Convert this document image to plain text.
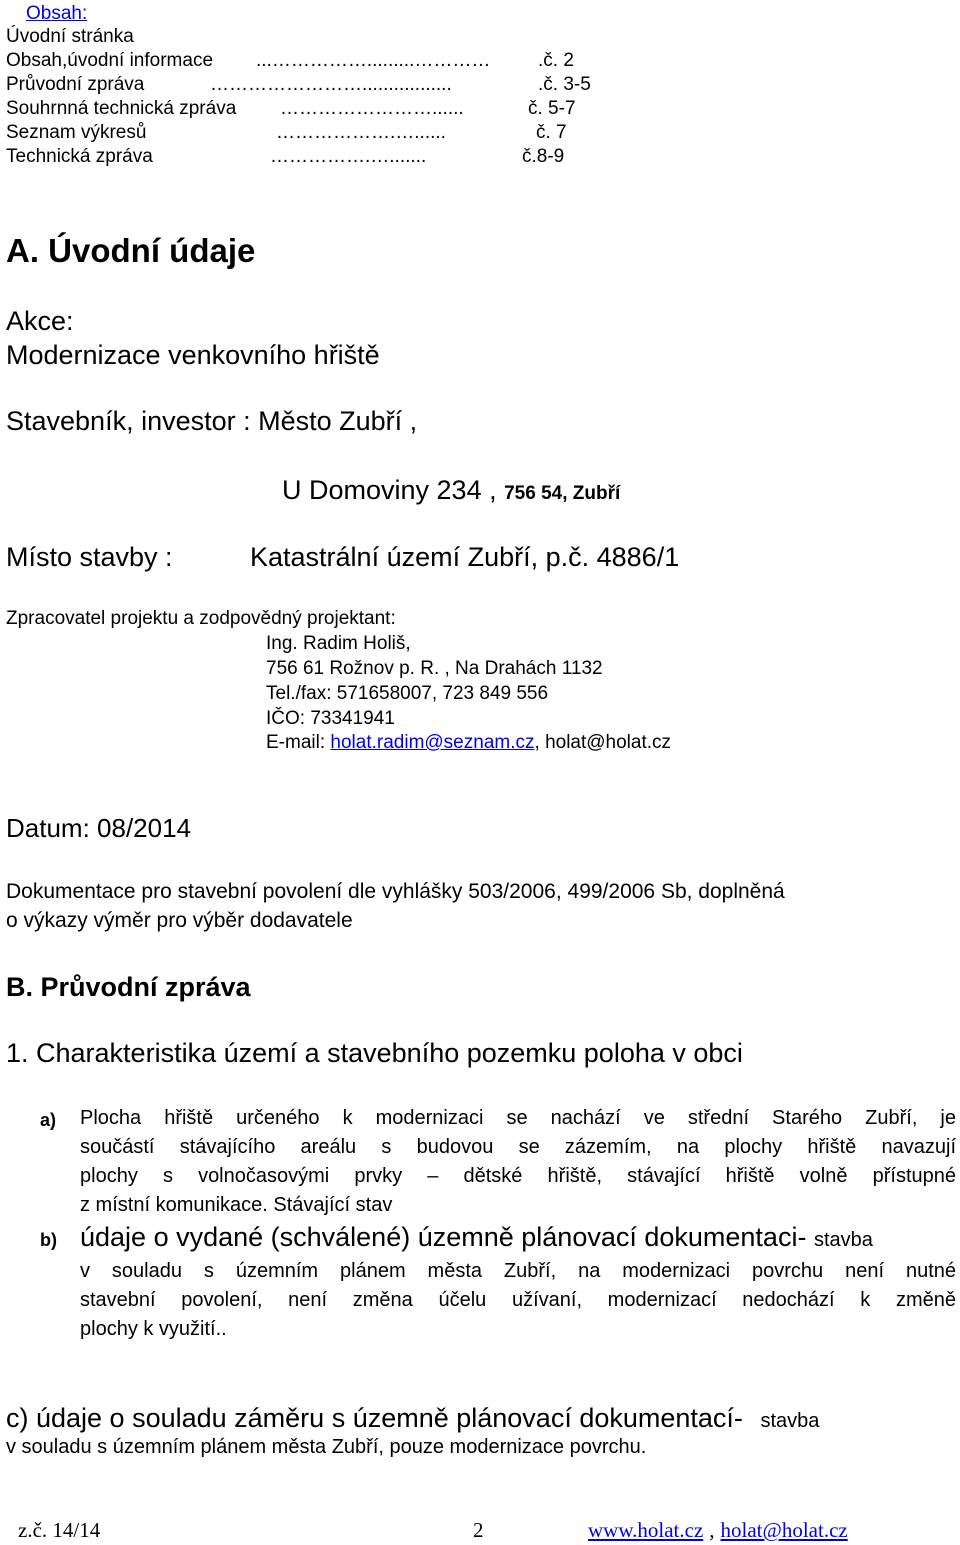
Obsah:
Úvodní stránka
Obsah,úvodní informace ...…………….........…………	.č. 2
Průvodní zpráva	…………………….................	.č. 3-5
Souhrnná technická zpráva ……………………......	č. 5-7
Seznam výkresů	……………….…......	č. 7
Technická zpráva	…………….….......	č.8-9
A. Úvodní údaje
Akce:
Modernizace venkovního hřiště
Stavebník, investor : Město Zubří ,
U Domoviny 234 , 756 54, Zubří
Místo stavby :	Katastrální území Zubří, p.č. 4886/1
Zpracovatel projektu a zodpovědný projektant:
Ing. Radim Holiš,
756 61 Rožnov p. R. , Na Drahách 1132
Tel./fax: 571658007, 723 849 556
IČO: 73341941
E-mail: holat.radim@seznam.cz, holat@holat.cz
Datum: 08/2014
Dokumentace pro stavební povolení dle vyhlášky 503/2006, 499/2006 Sb, doplněná
o výkazy výměr pro výběr dodavatele
B. Průvodní zpráva
1. Charakteristika území a stavebního pozemku poloha v obci
a) Plocha hřiště určeného k modernizaci se nachází ve střední Starého Zubří, je
součástí stávajícího areálu s budovou se zázemím, na plochy hřiště navazují
plochy s volnočasovými prvky – dětské hřiště, stávající hřiště volně přístupné
z místní komunikace. Stávající stav
b) údaje o vydané (schválené) územně plánovací dokumentaci- stavba
v souladu s územním plánem města Zubří, na modernizaci povrchu není nutné
stavební povolení, není změna účelu užívaní, modernizací nedochází k změně
plochy k využití..
c) údaje o souladu záměru s územně plánovací dokumentací- stavba
v souladu s územním plánem města Zubří, pouze modernizace povrchu.
z.č. 14/14	2	www.holat.cz , holat@holat.cz
